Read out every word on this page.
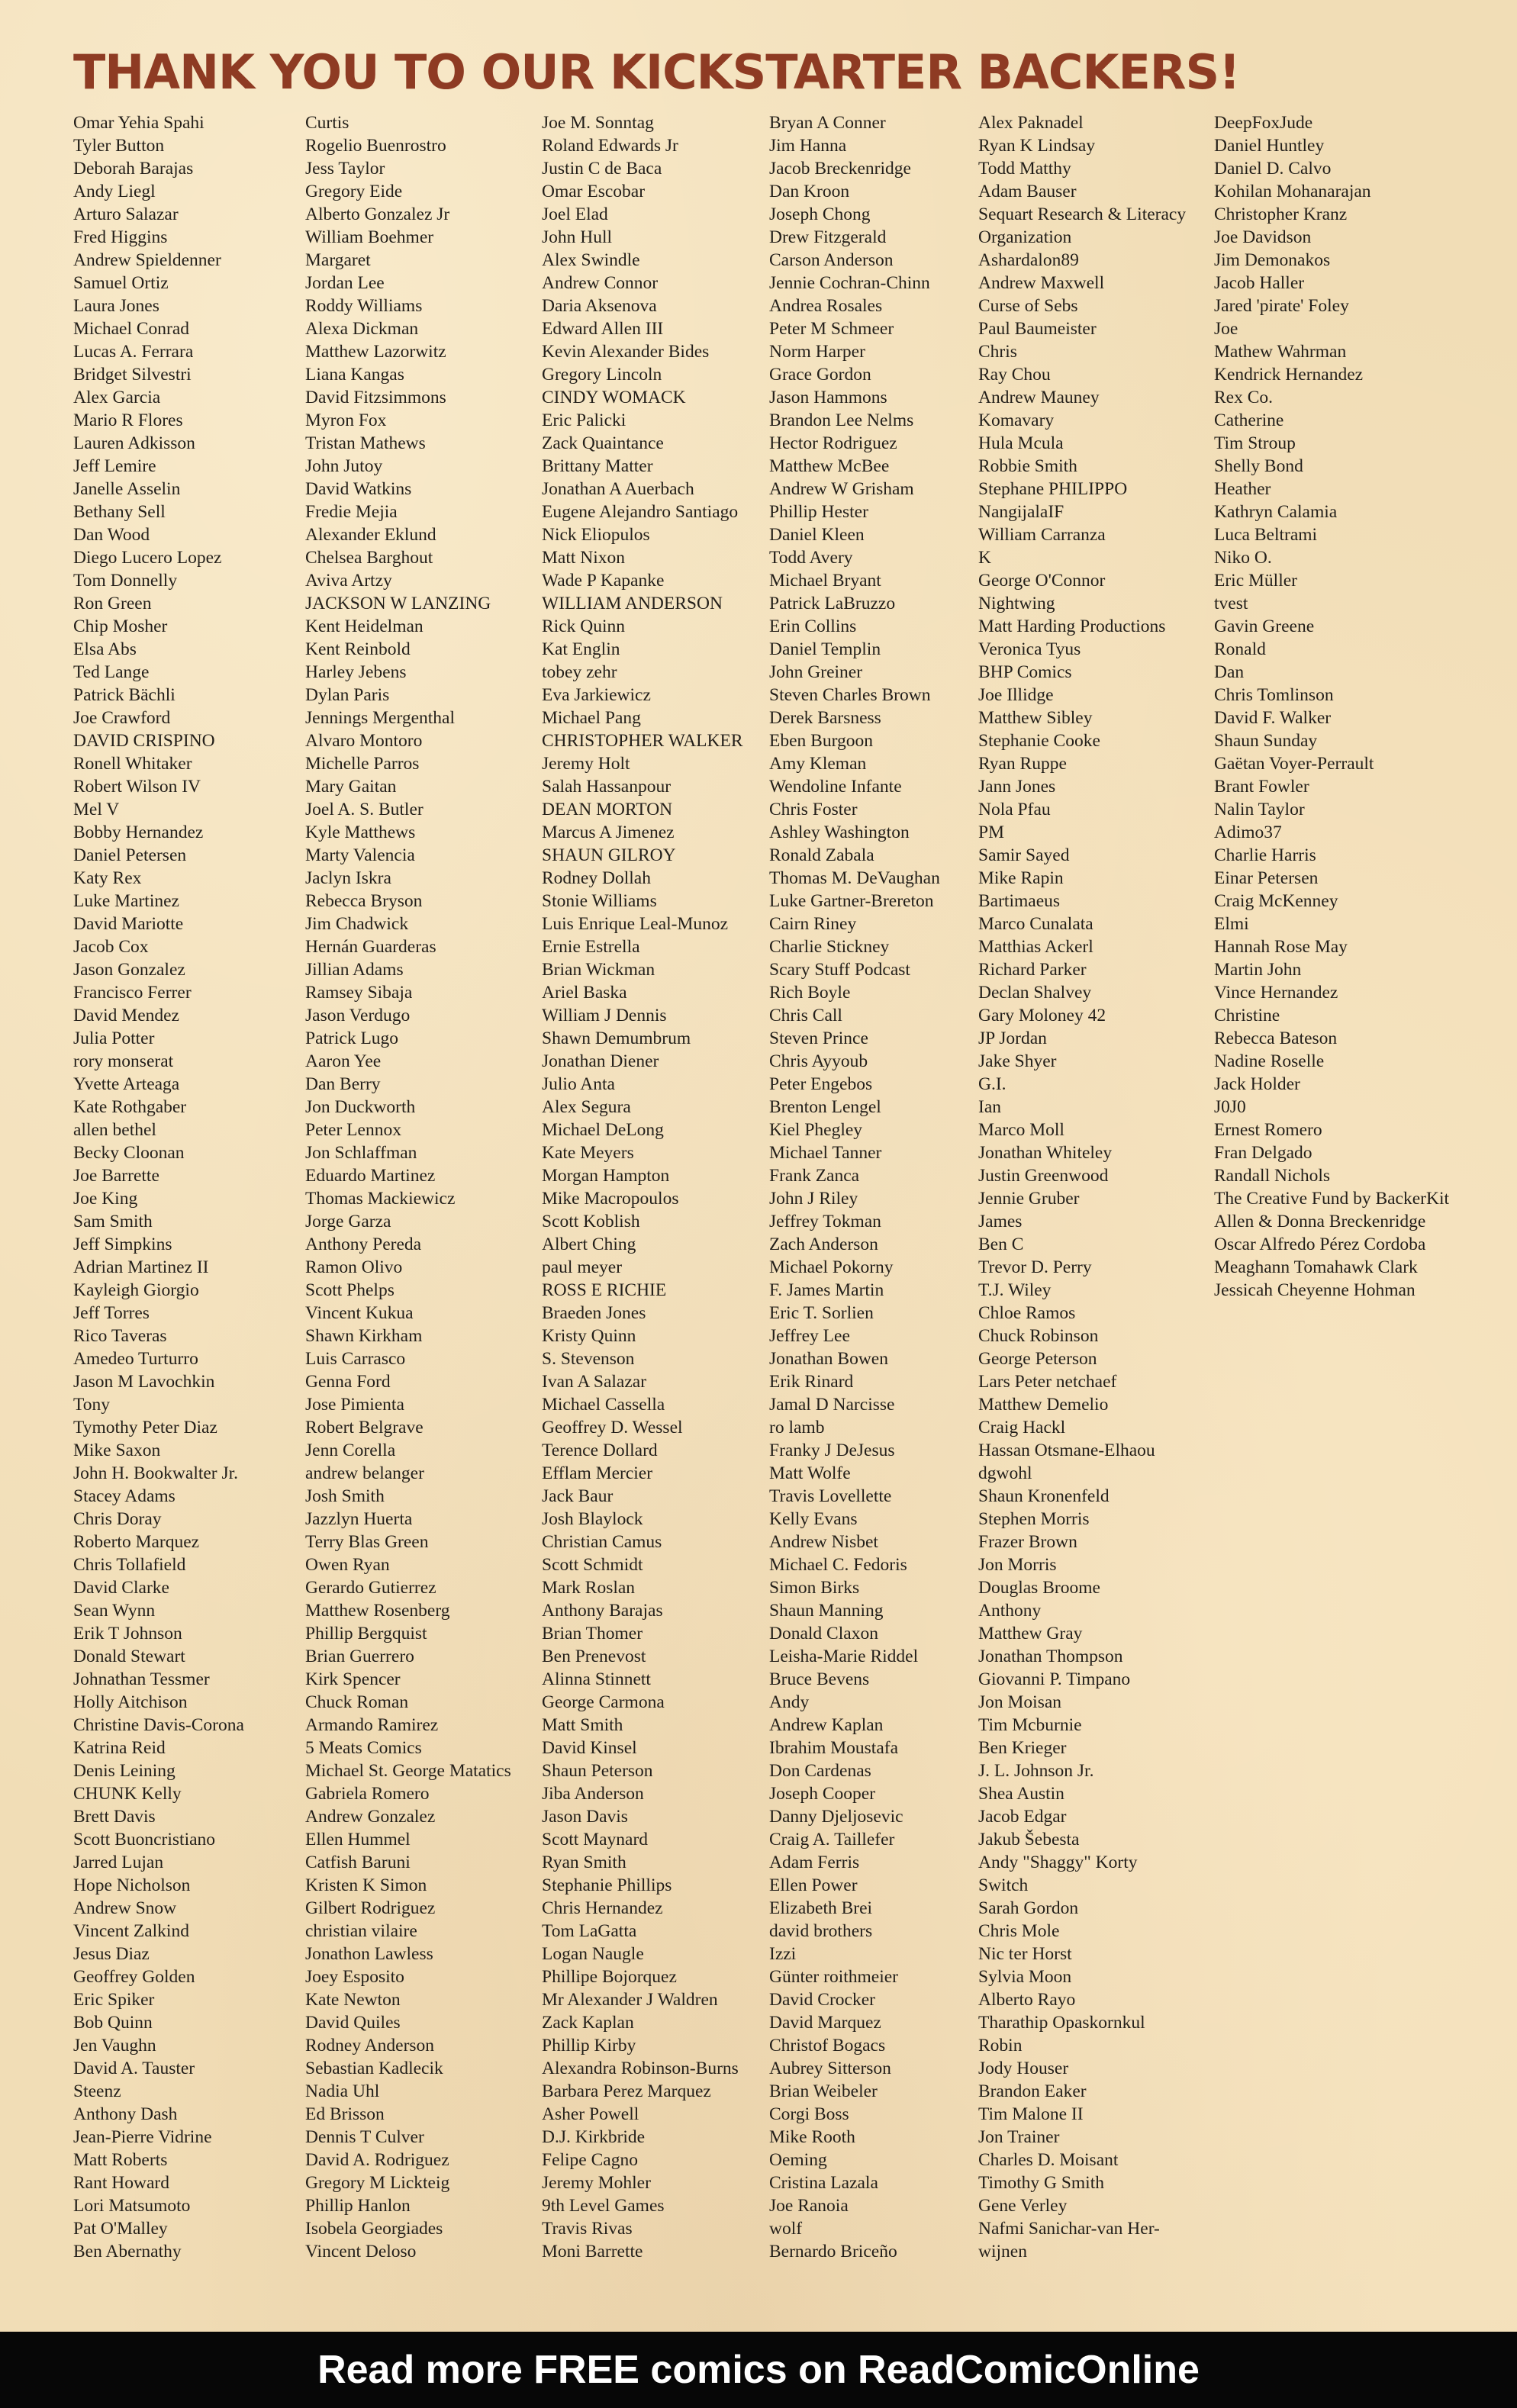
THANK YOU TO OUR KICKSTARTER BACKERS!
Omar Yehia Spahi
Tyler Button
Deborah Barajas
Andy Liegl
Arturo Salazar
Fred Higgins
Andrew Spieldenner
Samuel Ortiz
Laura Jones
Michael Conrad
Lucas A. Ferrara
Bridget Silvestri
Alex Garcia
Mario R Flores
Lauren Adkisson
Jeff Lemire
Janelle Asselin
Bethany Sell
Dan Wood
Diego Lucero Lopez
Tom Donnelly
Ron Green
Chip Mosher
Elsa Abs
Ted Lange
Patrick Bächli
Joe Crawford
DAVID CRISPINO
Ronell Whitaker
Robert Wilson IV
Mel V
Bobby Hernandez
Daniel Petersen
Katy Rex
Luke Martinez
David Mariotte
Jacob Cox
Jason Gonzalez
Francisco Ferrer
David Mendez
Julia Potter
rory monserat
Yvette Arteaga
Kate Rothgaber
allen bethel
Becky Cloonan
Joe Barrette
Joe King
Sam Smith
Jeff Simpkins
Adrian Martinez II
Kayleigh Giorgio
Jeff Torres
Rico Taveras
Amedeo Turturro
Jason M Lavochkin
Tony
Tymothy Peter Diaz
Mike Saxon
John H. Bookwalter Jr.
Stacey Adams
Chris Doray
Roberto Marquez
Chris Tollafield
David Clarke
Sean Wynn
Erik T Johnson
Donald Stewart
Johnathan Tessmer
Holly Aitchison
Christine Davis-Corona
Katrina Reid
Denis Leining
CHUNK Kelly
Brett Davis
Scott Buoncristiano
Jarred Lujan
Hope Nicholson
Andrew Snow
Vincent Zalkind
Jesus Diaz
Geoffrey Golden
Eric Spiker
Bob Quinn
Jen Vaughn
David A. Tauster
Steenz
Anthony Dash
Jean-Pierre Vidrine
Matt Roberts
Rant Howard
Lori Matsumoto
Pat O'Malley
Ben Abernathy
Curtis
Rogelio Buenrostro
Jess Taylor
Gregory Eide
Alberto Gonzalez Jr
William Boehmer
Margaret
Jordan Lee
Roddy Williams
Alexa Dickman
Matthew Lazorwitz
Liana Kangas
David Fitzsimmons
Myron Fox
Tristan Mathews
John Jutoy
David Watkins
Fredie Mejia
Alexander Eklund
Chelsea Barghout
Aviva Artzy
JACKSON W LANZING
Kent Heidelman
Kent Reinbold
Harley Jebens
Dylan Paris
Jennings Mergenthal
Alvaro Montoro
Michelle Parros
Mary Gaitan
Joel A. S. Butler
Kyle Matthews
Marty Valencia
Jaclyn Iskra
Rebecca Bryson
Jim Chadwick
Hernán Guarderas
Jillian Adams
Ramsey Sibaja
Jason Verdugo
Patrick Lugo
Aaron Yee
Dan Berry
Jon Duckworth
Peter Lennox
Jon Schlaffman
Eduardo Martinez
Thomas Mackiewicz
Jorge Garza
Anthony Pereda
Ramon Olivo
Scott Phelps
Vincent Kukua
Shawn Kirkham
Luis Carrasco
Genna Ford
Jose Pimienta
Robert Belgrave
Jenn Corella
andrew belanger
Josh Smith
Jazzlyn Huerta
Terry Blas Green
Owen Ryan
Gerardo Gutierrez
Matthew Rosenberg
Phillip Bergquist
Brian Guerrero
Kirk Spencer
Chuck Roman
Armando Ramirez
5 Meats Comics
Michael St. George Matatics
Gabriela Romero
Andrew Gonzalez
Ellen Hummel
Catfish Baruni
Kristen K Simon
Gilbert Rodriguez
christian vilaire
Jonathon Lawless
Joey Esposito
Kate Newton
David Quiles
Rodney Anderson
Sebastian Kadlecik
Nadia Uhl
Ed Brisson
Dennis T Culver
David A. Rodriguez
Gregory M Lickteig
Phillip Hanlon
Isobela Georgiades
Vincent Deloso
Joe M. Sonntag
Roland Edwards Jr
Justin C de Baca
Omar Escobar
Joel Elad
John Hull
Alex Swindle
Andrew Connor
Daria Aksenova
Edward Allen III
Kevin Alexander Bides
Gregory Lincoln
CINDY WOMACK
Eric Palicki
Zack Quaintance
Brittany Matter
Jonathan A Auerbach
Eugene Alejandro Santiago
Nick Eliopulos
Matt Nixon
Wade P Kapanke
WILLIAM ANDERSON
Rick Quinn
Kat Englin
tobey zehr
Eva Jarkiewicz
Michael Pang
CHRISTOPHER WALKER
Jeremy Holt
Salah Hassanpour
DEAN MORTON
Marcus A Jimenez
SHAUN GILROY
Rodney Dollah
Stonie Williams
Luis Enrique Leal-Munoz
Ernie Estrella
Brian Wickman
Ariel Baska
William J Dennis
Shawn Demumbrum
Jonathan Diener
Julio Anta
Alex Segura
Michael DeLong
Kate Meyers
Morgan Hampton
Mike Macropoulos
Scott Koblish
Albert Ching
paul meyer
ROSS E RICHIE
Braeden Jones
Kristy Quinn
S. Stevenson
Ivan A Salazar
Michael Cassella
Geoffrey D. Wessel
Terence Dollard
Efflam Mercier
Jack Baur
Josh Blaylock
Christian Camus
Scott Schmidt
Mark Roslan
Anthony Barajas
Brian Thomer
Ben Prenevost
Alinna Stinnett
George Carmona
Matt Smith
David Kinsel
Shaun Peterson
Jiba Anderson
Jason Davis
Scott Maynard
Ryan Smith
Stephanie Phillips
Chris Hernandez
Tom LaGatta
Logan Naugle
Phillipe Bojorquez
Mr Alexander J Waldren
Zack Kaplan
Phillip Kirby
Alexandra Robinson-Burns
Barbara Perez Marquez
Asher Powell
D.J. Kirkbride
Felipe Cagno
Jeremy Mohler
9th Level Games
Travis Rivas
Moni Barrette
Bryan A Conner
Jim Hanna
Jacob Breckenridge
Dan Kroon
Joseph Chong
Drew Fitzgerald
Carson Anderson
Jennie Cochran-Chinn
Andrea Rosales
Peter M Schmeer
Norm Harper
Grace Gordon
Jason Hammons
Brandon Lee Nelms
Hector Rodriguez
Matthew McBee
Andrew W Grisham
Phillip Hester
Daniel Kleen
Todd Avery
Michael Bryant
Patrick LaBruzzo
Erin Collins
Daniel Templin
John Greiner
Steven Charles Brown
Derek Barsness
Eben Burgoon
Amy Kleman
Wendoline Infante
Chris Foster
Ashley Washington
Ronald Zabala
Thomas M. DeVaughan
Luke Gartner-Brereton
Cairn Riney
Charlie Stickney
Scary Stuff Podcast
Rich Boyle
Chris Call
Steven Prince
Chris Ayyoub
Peter Engebos
Brenton Lengel
Kiel Phegley
Michael Tanner
Frank Zanca
John J Riley
Jeffrey Tokman
Zach Anderson
Michael Pokorny
F. James Martin
Eric T. Sorlien
Jeffrey Lee
Jonathan Bowen
Erik Rinard
Jamal D Narcisse
ro lamb
Franky J DeJesus
Matt Wolfe
Travis Lovellette
Kelly Evans
Andrew Nisbet
Michael C. Fedoris
Simon Birks
Shaun Manning
Donald Claxon
Leisha-Marie Riddel
Bruce Bevens
Andy
Andrew Kaplan
Ibrahim Moustafa
Don Cardenas
Joseph Cooper
Danny Djeljosevic
Craig A. Taillefer
Adam Ferris
Ellen Power
Elizabeth Brei
david brothers
Izzi
Günter roithmeier
David Crocker
David Marquez
Christof Bogacs
Aubrey Sitterson
Brian Weibeler
Corgi Boss
Mike Rooth
Oeming
Cristina Lazala
Joe Ranoia
wolf
Bernardo Briceño
Alex Paknadel
Ryan K Lindsay
Todd Matthy
Adam Bauser
Sequart Research & Literacy
Organization
Ashardalon89
Andrew Maxwell
Curse of Sebs
Paul Baumeister
Chris
Ray Chou
Andrew Mauney
Komavary
Hula Mcula
Robbie Smith
Stephane PHILIPPO
NangijalaIF
William Carranza
K
George O'Connor
Nightwing
Matt Harding Productions
Veronica Tyus
BHP Comics
Joe Illidge
Matthew Sibley
Stephanie Cooke
Ryan Ruppe
Jann Jones
Nola Pfau
PM
Samir Sayed
Mike Rapin
Bartimaeus
Marco Cunalata
Matthias Ackerl
Richard Parker
Declan Shalvey
Gary Moloney 42
JP Jordan
Jake Shyer
G.I.
Ian
Marco Moll
Jonathan Whiteley
Justin Greenwood
Jennie Gruber
James
Ben C
Trevor D. Perry
T.J. Wiley
Chloe Ramos
Chuck Robinson
George Peterson
Lars Peter netchaef
Matthew Demelio
Craig Hackl
Hassan Otsmane-Elhaou
dgwohl
Shaun Kronenfeld
Stephen Morris
Frazer Brown
Jon Morris
Douglas Broome
Anthony
Matthew Gray
Jonathan Thompson
Giovanni P. Timpano
Jon Moisan
Tim Mcburnie
Ben Krieger
J. L. Johnson Jr.
Shea Austin
Jacob Edgar
Jakub Šebesta
Andy "Shaggy" Korty
Switch
Sarah Gordon
Chris Mole
Nic ter Horst
Sylvia Moon
Alberto Rayo
Tharathip Opaskornkul
Robin
Jody Houser
Brandon Eaker
Tim Malone II
Jon Trainer
Charles D. Moisant
Timothy G Smith
Gene Verley
Nafmi Sanichar-van Her-
wijnen
DeepFoxJude
Daniel Huntley
Daniel D. Calvo
Kohilan Mohanarajan
Christopher Kranz
Joe Davidson
Jim Demonakos
Jacob Haller
Jared 'pirate' Foley
Joe
Mathew Wahrman
Kendrick Hernandez
Rex Co.
Catherine
Tim Stroup
Shelly Bond
Heather
Kathryn Calamia
Luca Beltrami
Niko O.
Eric Müller
tvest
Gavin Greene
Ronald
Dan
Chris Tomlinson
David F. Walker
Shaun Sunday
Gaëtan Voyer-Perrault
Brant Fowler
Nalin Taylor
Adimo37
Charlie Harris
Einar Petersen
Craig McKenney
Elmi
Hannah Rose May
Martin John
Vince Hernandez
Christine
Rebecca Bateson
Nadine Roselle
Jack Holder
J0J0
Ernest Romero
Fran Delgado
Randall Nichols
The Creative Fund by BackerKit
Allen & Donna Breckenridge
Oscar Alfredo Pérez Cordoba
Meaghann Tomahawk Clark
Jessicah Cheyenne Hohman
Read more FREE comics on ReadComicOnline
